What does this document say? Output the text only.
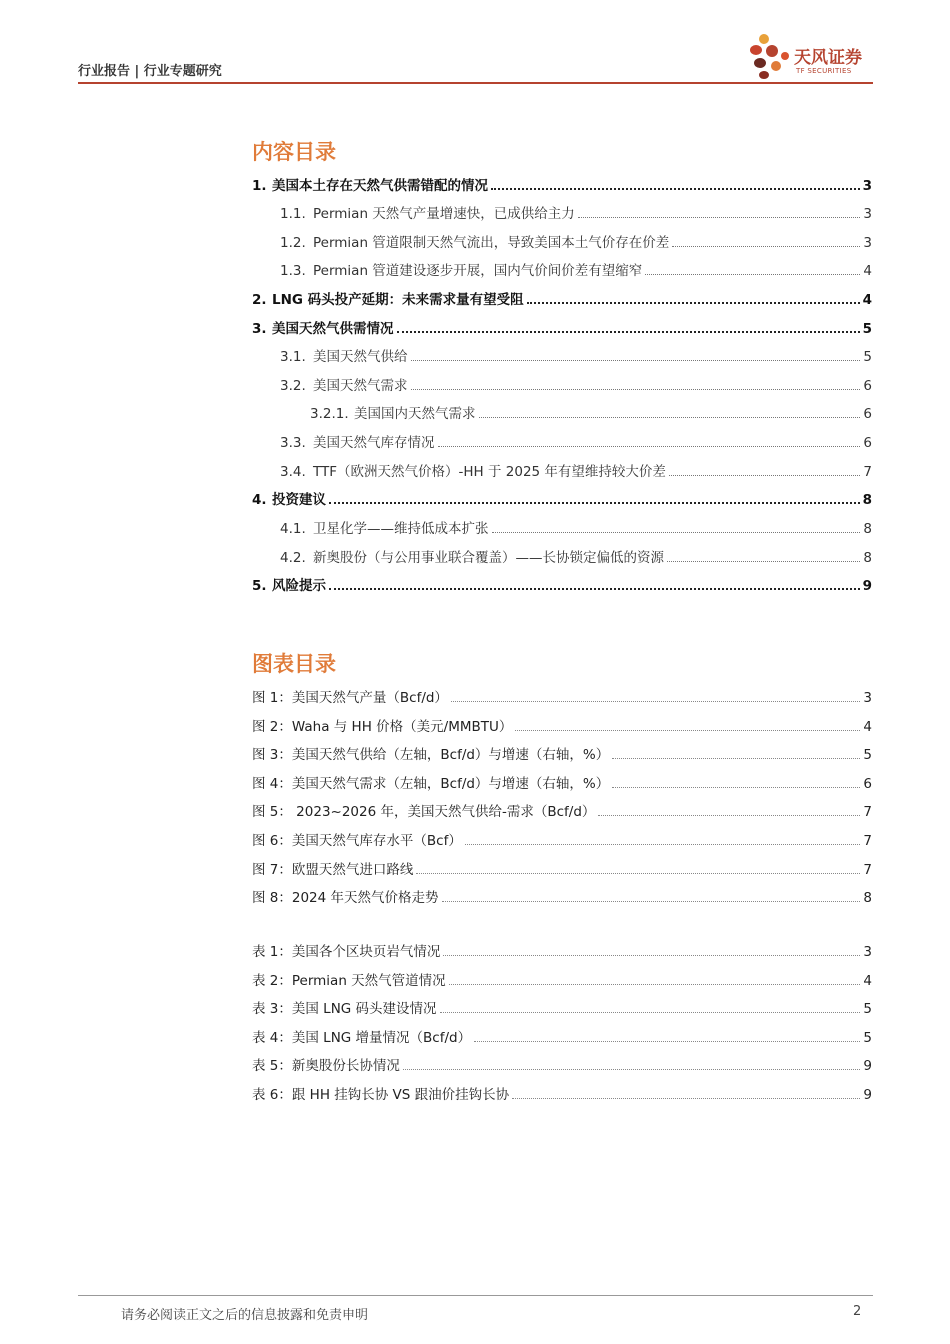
行业报告 | 行业专题研究
天风证券
TF SECURITIES
内容目录
1. 美国本土存在天然气供需错配的情况	3
1.1. Permian 天然气产量增速快，已成供给主力	3
1.2. Permian 管道限制天然气流出，导致美国本土气价存在价差	3
1.3. Permian 管道建设逐步开展，国内气价间价差有望缩窄	4
2. LNG 码头投产延期：未来需求量有望受阻	4
3. 美国天然气供需情况	5
3.1. 美国天然气供给	5
3.2. 美国天然气需求	6
3.2.1. 美国国内天然气需求	6
3.3. 美国天然气库存情况	6
3.4. TTF（欧洲天然气价格）-HH 于 2025 年有望维持较大价差	7
4. 投资建议	8
4.1. 卫星化学——维持低成本扩张	8
4.2. 新奥股份（与公用事业联合覆盖）——长协锁定偏低的资源	8
5. 风险提示	9
图表目录
图 1：美国天然气产量（Bcf/d）	3
图 2：Waha 与 HH 价格（美元/MMBTU）	4
图 3：美国天然气供给（左轴，Bcf/d）与增速（右轴，%）	5
图 4：美国天然气需求（左轴，Bcf/d）与增速（右轴，%）	6
图 5： 2023~2026 年，美国天然气供给-需求（Bcf/d）	7
图 6：美国天然气库存水平（Bcf）	7
图 7：欧盟天然气进口路线	7
图 8：2024 年天然气价格走势	8
表 1：美国各个区块页岩气情况	3
表 2：Permian 天然气管道情况	4
表 3：美国 LNG 码头建设情况	5
表 4：美国 LNG 增量情况（Bcf/d）	5
表 5：新奥股份长协情况	9
表 6：跟 HH 挂钩长协 VS 跟油价挂钩长协	9
请务必阅读正文之后的信息披露和免责申明	2
